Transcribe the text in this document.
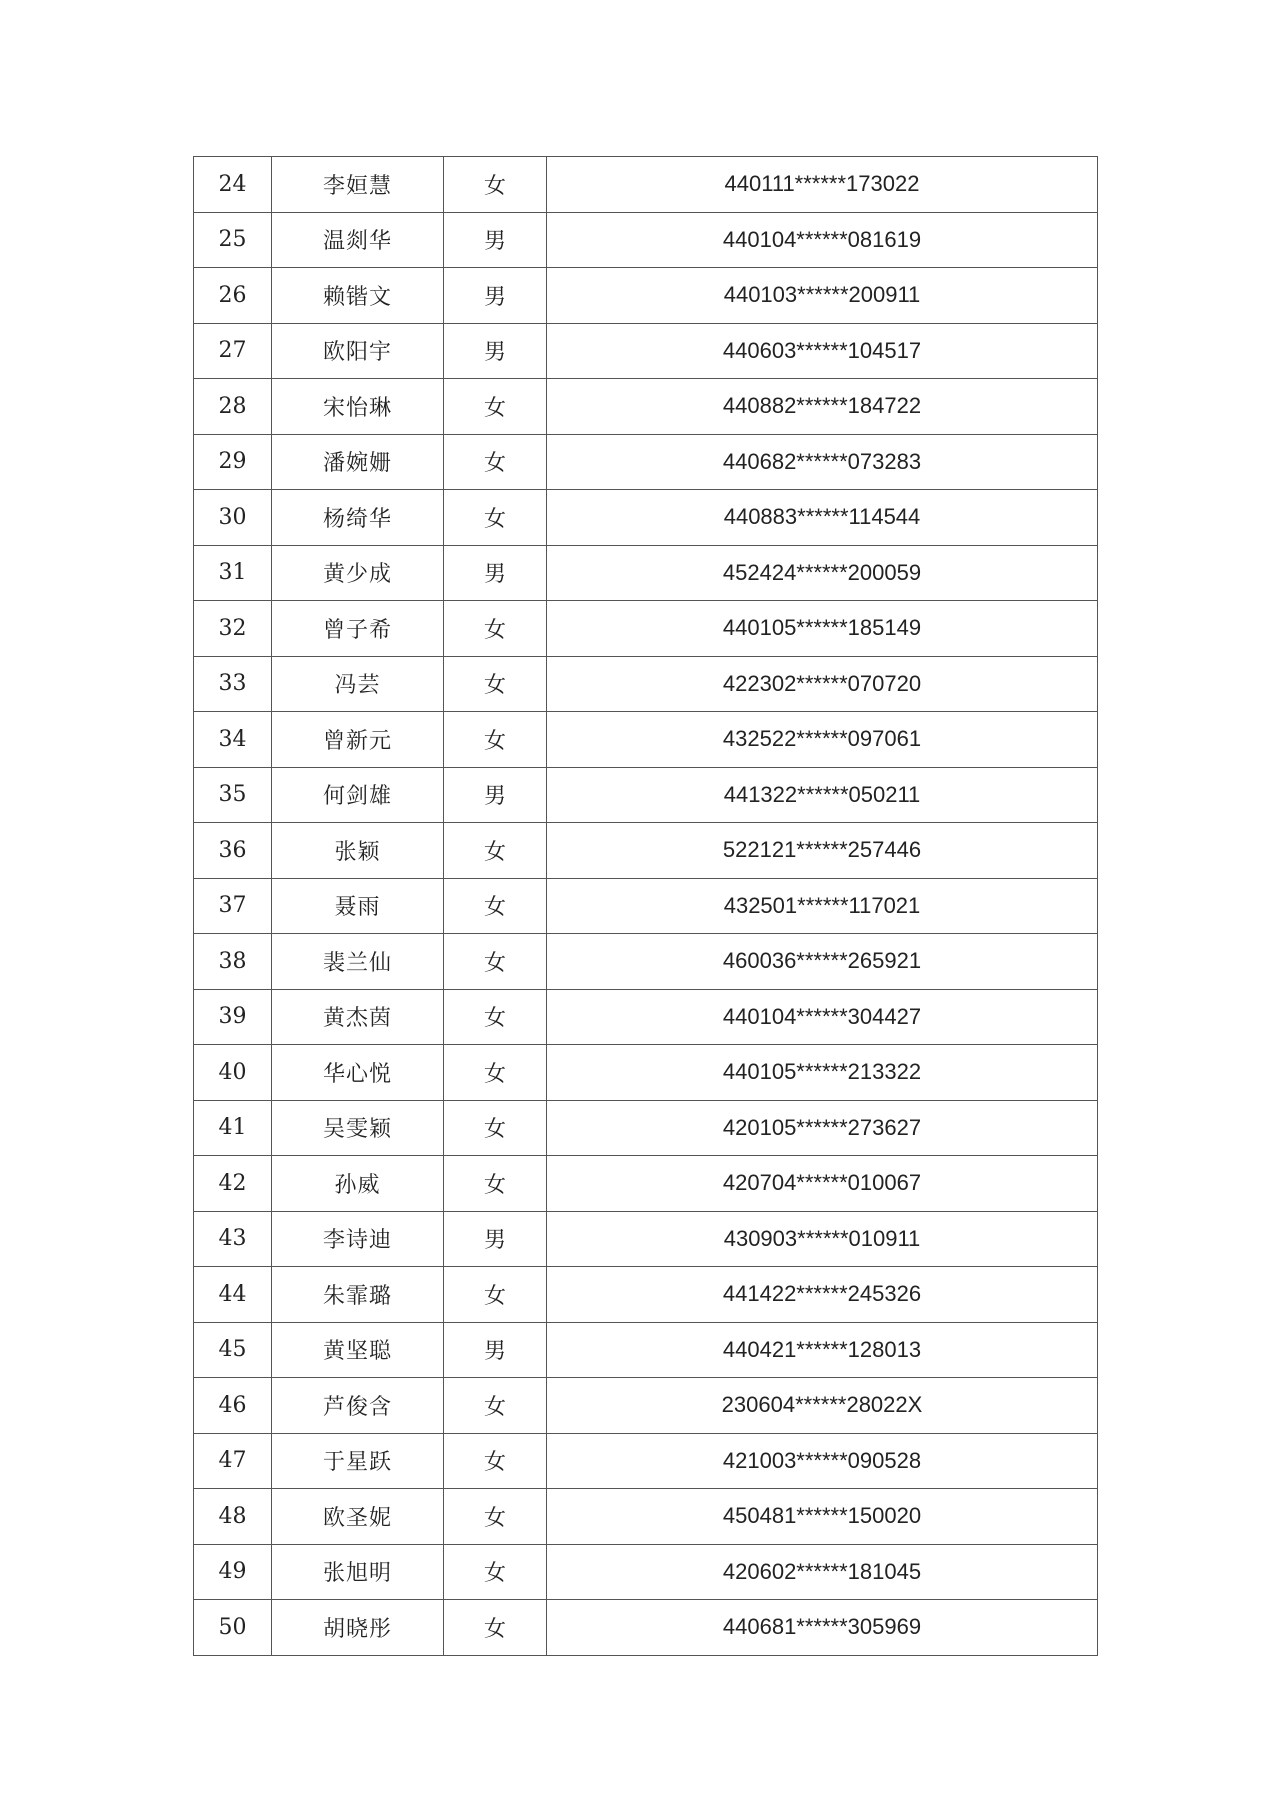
24	李姮慧	女	440111******173022
25	温剡华	男	440104******081619
26	赖锴文	男	440103******200911
27	欧阳宇	男	440603******104517
28	宋怡琳	女	440882******184722
29	潘婉姗	女	440682******073283
30	杨绮华	女	440883******114544
31	黄少成	男	452424******200059
32	曾子希	女	440105******185149
33	冯芸	女	422302******070720
34	曾新元	女	432522******097061
35	何剑雄	男	441322******050211
36	张颖	女	522121******257446
37	聂雨	女	432501******117021
38	裴兰仙	女	460036******265921
39	黄杰茵	女	440104******304427
40	华心悦	女	440105******213322
41	吴雯颖	女	420105******273627
42	孙威	女	420704******010067
43	李诗迪	男	430903******010911
44	朱霏璐	女	441422******245326
45	黄坚聪	男	440421******128013
46	芦俊含	女	230604******28022X
47	于星跃	女	421003******090528
48	欧圣妮	女	450481******150020
49	张旭明	女	420602******181045
50	胡晓彤	女	440681******305969
